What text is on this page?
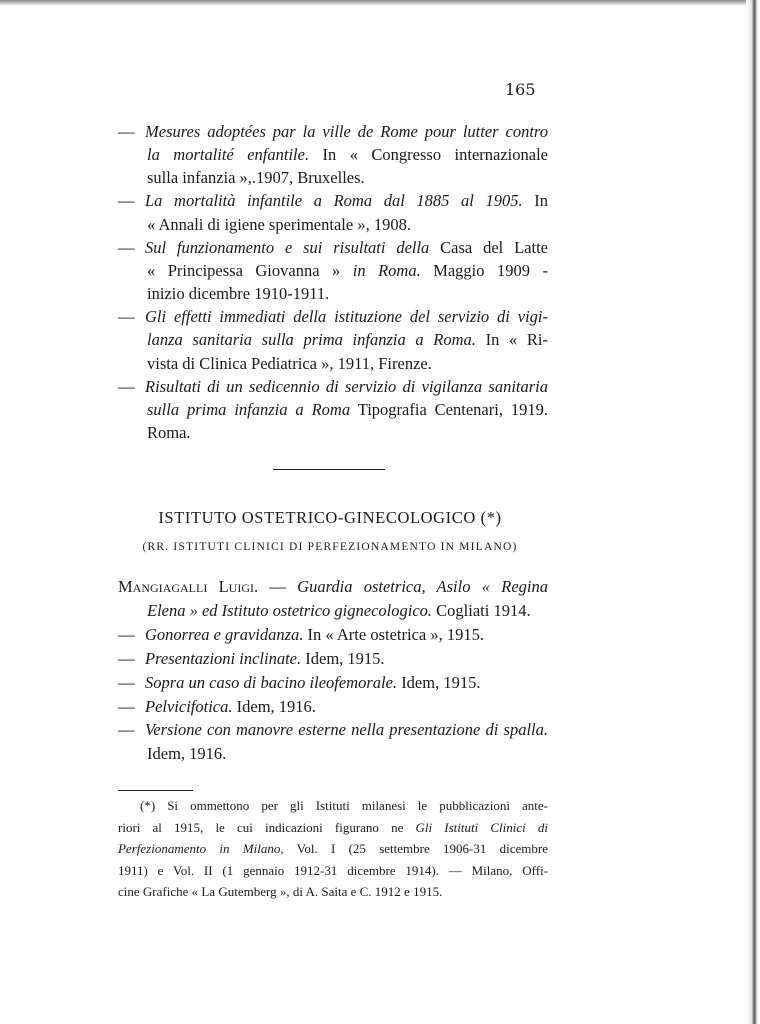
165
— Mesures adoptées par la ville de Rome pour lutter contro
la mortalité enfantile. In « Congresso internazionale
sulla infanzia »,.1907, Bruxelles.
— La mortalità infantile a Roma dal 1885 al 1905. In
« Annali di igiene sperimentale », 1908.
— Sul funzionamento e sui risultati della Casa del Latte
« Principessa Giovanna » in Roma. Maggio 1909 -
inizio dicembre 1910-1911.
— Gli effetti immediati della istituzione del servizio di vigi-
lanza sanitaria sulla prima infanzia a Roma. In « Ri-
vista di Clinica Pediatrica », 1911, Firenze.
— Risultati di un sedicennio di servizio di vigilanza sanitaria
sulla prima infanzia a Roma Tipografia Centenari, 1919.
Roma.
ISTITUTO OSTETRICO-GINECOLOGICO (*)
(RR. ISTITUTI CLINICI DI PERFEZIONAMENTO IN MILANO)
Mangiagalli Luigi. — Guardia ostetrica, Asilo « Regina
Elena » ed Istituto ostetrico gignecologico. Cogliati 1914.
— Gonorrea e gravidanza. In « Arte ostetrica », 1915.
— Presentazioni inclinate. Idem, 1915.
— Sopra un caso di bacino ileofemorale. Idem, 1915.
— Pelvicifotica. Idem, 1916.
— Versione con manovre esterne nella presentazione di spalla.
Idem, 1916.
(*) Si ommettono per gli Istituti milanesi le pubblicazioni ante-
riori al 1915, le cui indicazioni figurano ne Gli Istituti Clinici di
Perfezionamento in Milano, Vol. I (25 settembre 1906-31 dicembre
1911) e Vol. II (1 gennaio 1912-31 dicembre 1914). — Milano, Offi-
cine Grafiche « La Gutemberg », di A. Saita e C. 1912 e 1915.
